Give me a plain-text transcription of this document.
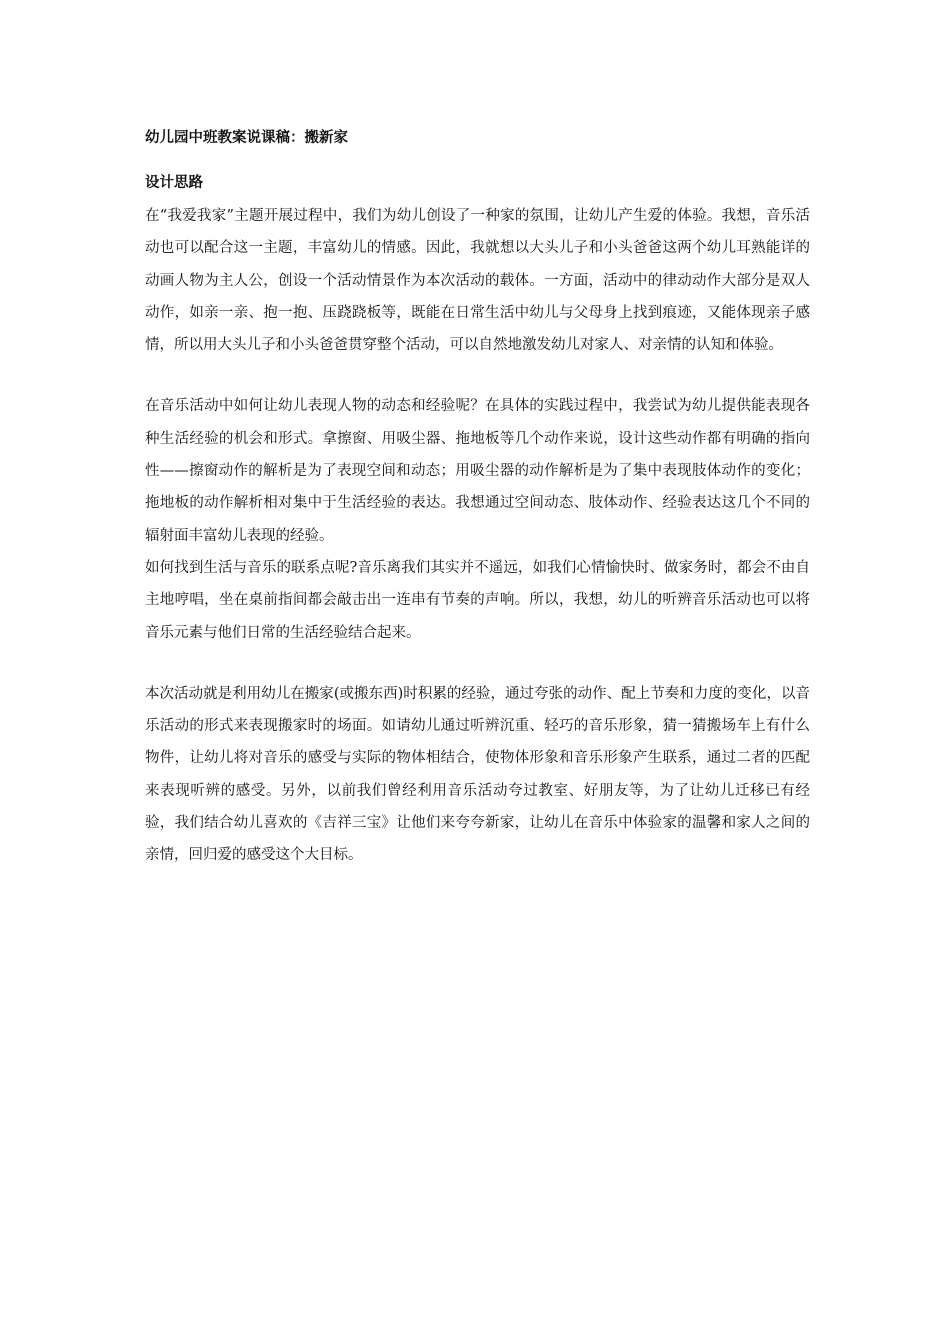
幼儿园中班教案说课稿：搬新家
设计思路

在“我爱我家”主题开展过程中，我们为幼儿创设了一种家的氛围，让幼儿产生爱的体验。我想，音乐活动也可以配合这一主题，丰富幼儿的情感。因此，我就想以大头儿子和小头爸爸这两个幼儿耳熟能详的动画人物为主人公，创设一个活动情景作为本次活动的载体。一方面，活动中的律动动作大部分是双人动作，如亲一亲、抱一抱、压跷跷板等，既能在日常生活中幼儿与父母身上找到痕迹，又能体现亲子感情，所以用大头儿子和小头爸爸贯穿整个活动，可以自然地激发幼儿对家人、对亲情的认知和体验。

在音乐活动中如何让幼儿表现人物的动态和经验呢？在具体的实践过程中，我尝试为幼儿提供能表现各种生活经验的机会和形式。拿擦窗、用吸尘器、拖地板等几个动作来说，设计这些动作都有明确的指向性——擦窗动作的解析是为了表现空间和动态；用吸尘器的动作解析是为了集中表现肢体动作的变化；拖地板的动作解析相对集中于生活经验的表达。我想通过空间动态、肢体动作、经验表达这几个不同的辐射面丰富幼儿表现的经验。

如何找到生活与音乐的联系点呢?音乐离我们其实并不遥远，如我们心情愉快时、做家务时，都会不由自主地哼唱，坐在桌前指间都会敲击出一连串有节奏的声响。所以，我想，幼儿的听辨音乐活动也可以将音乐元素与他们日常的生活经验结合起来。

本次活动就是利用幼儿在搬家(或搬东西)时积累的经验，通过夸张的动作、配上节奏和力度的变化，以音乐活动的形式来表现搬家时的场面。如请幼儿通过听辨沉重、轻巧的音乐形象，猜一猜搬场车上有什么物件，让幼儿将对音乐的感受与实际的物体相结合，使物体形象和音乐形象产生联系，通过二者的匹配来表现听辨的感受。另外，以前我们曾经利用音乐活动夸过教室、好朋友等，为了让幼儿迁移已有经验，我们结合幼儿喜欢的《吉祥三宝》让他们来夸夸新家，让幼儿在音乐中体验家的温馨和家人之间的亲情，回归爱的感受这个大目标。
